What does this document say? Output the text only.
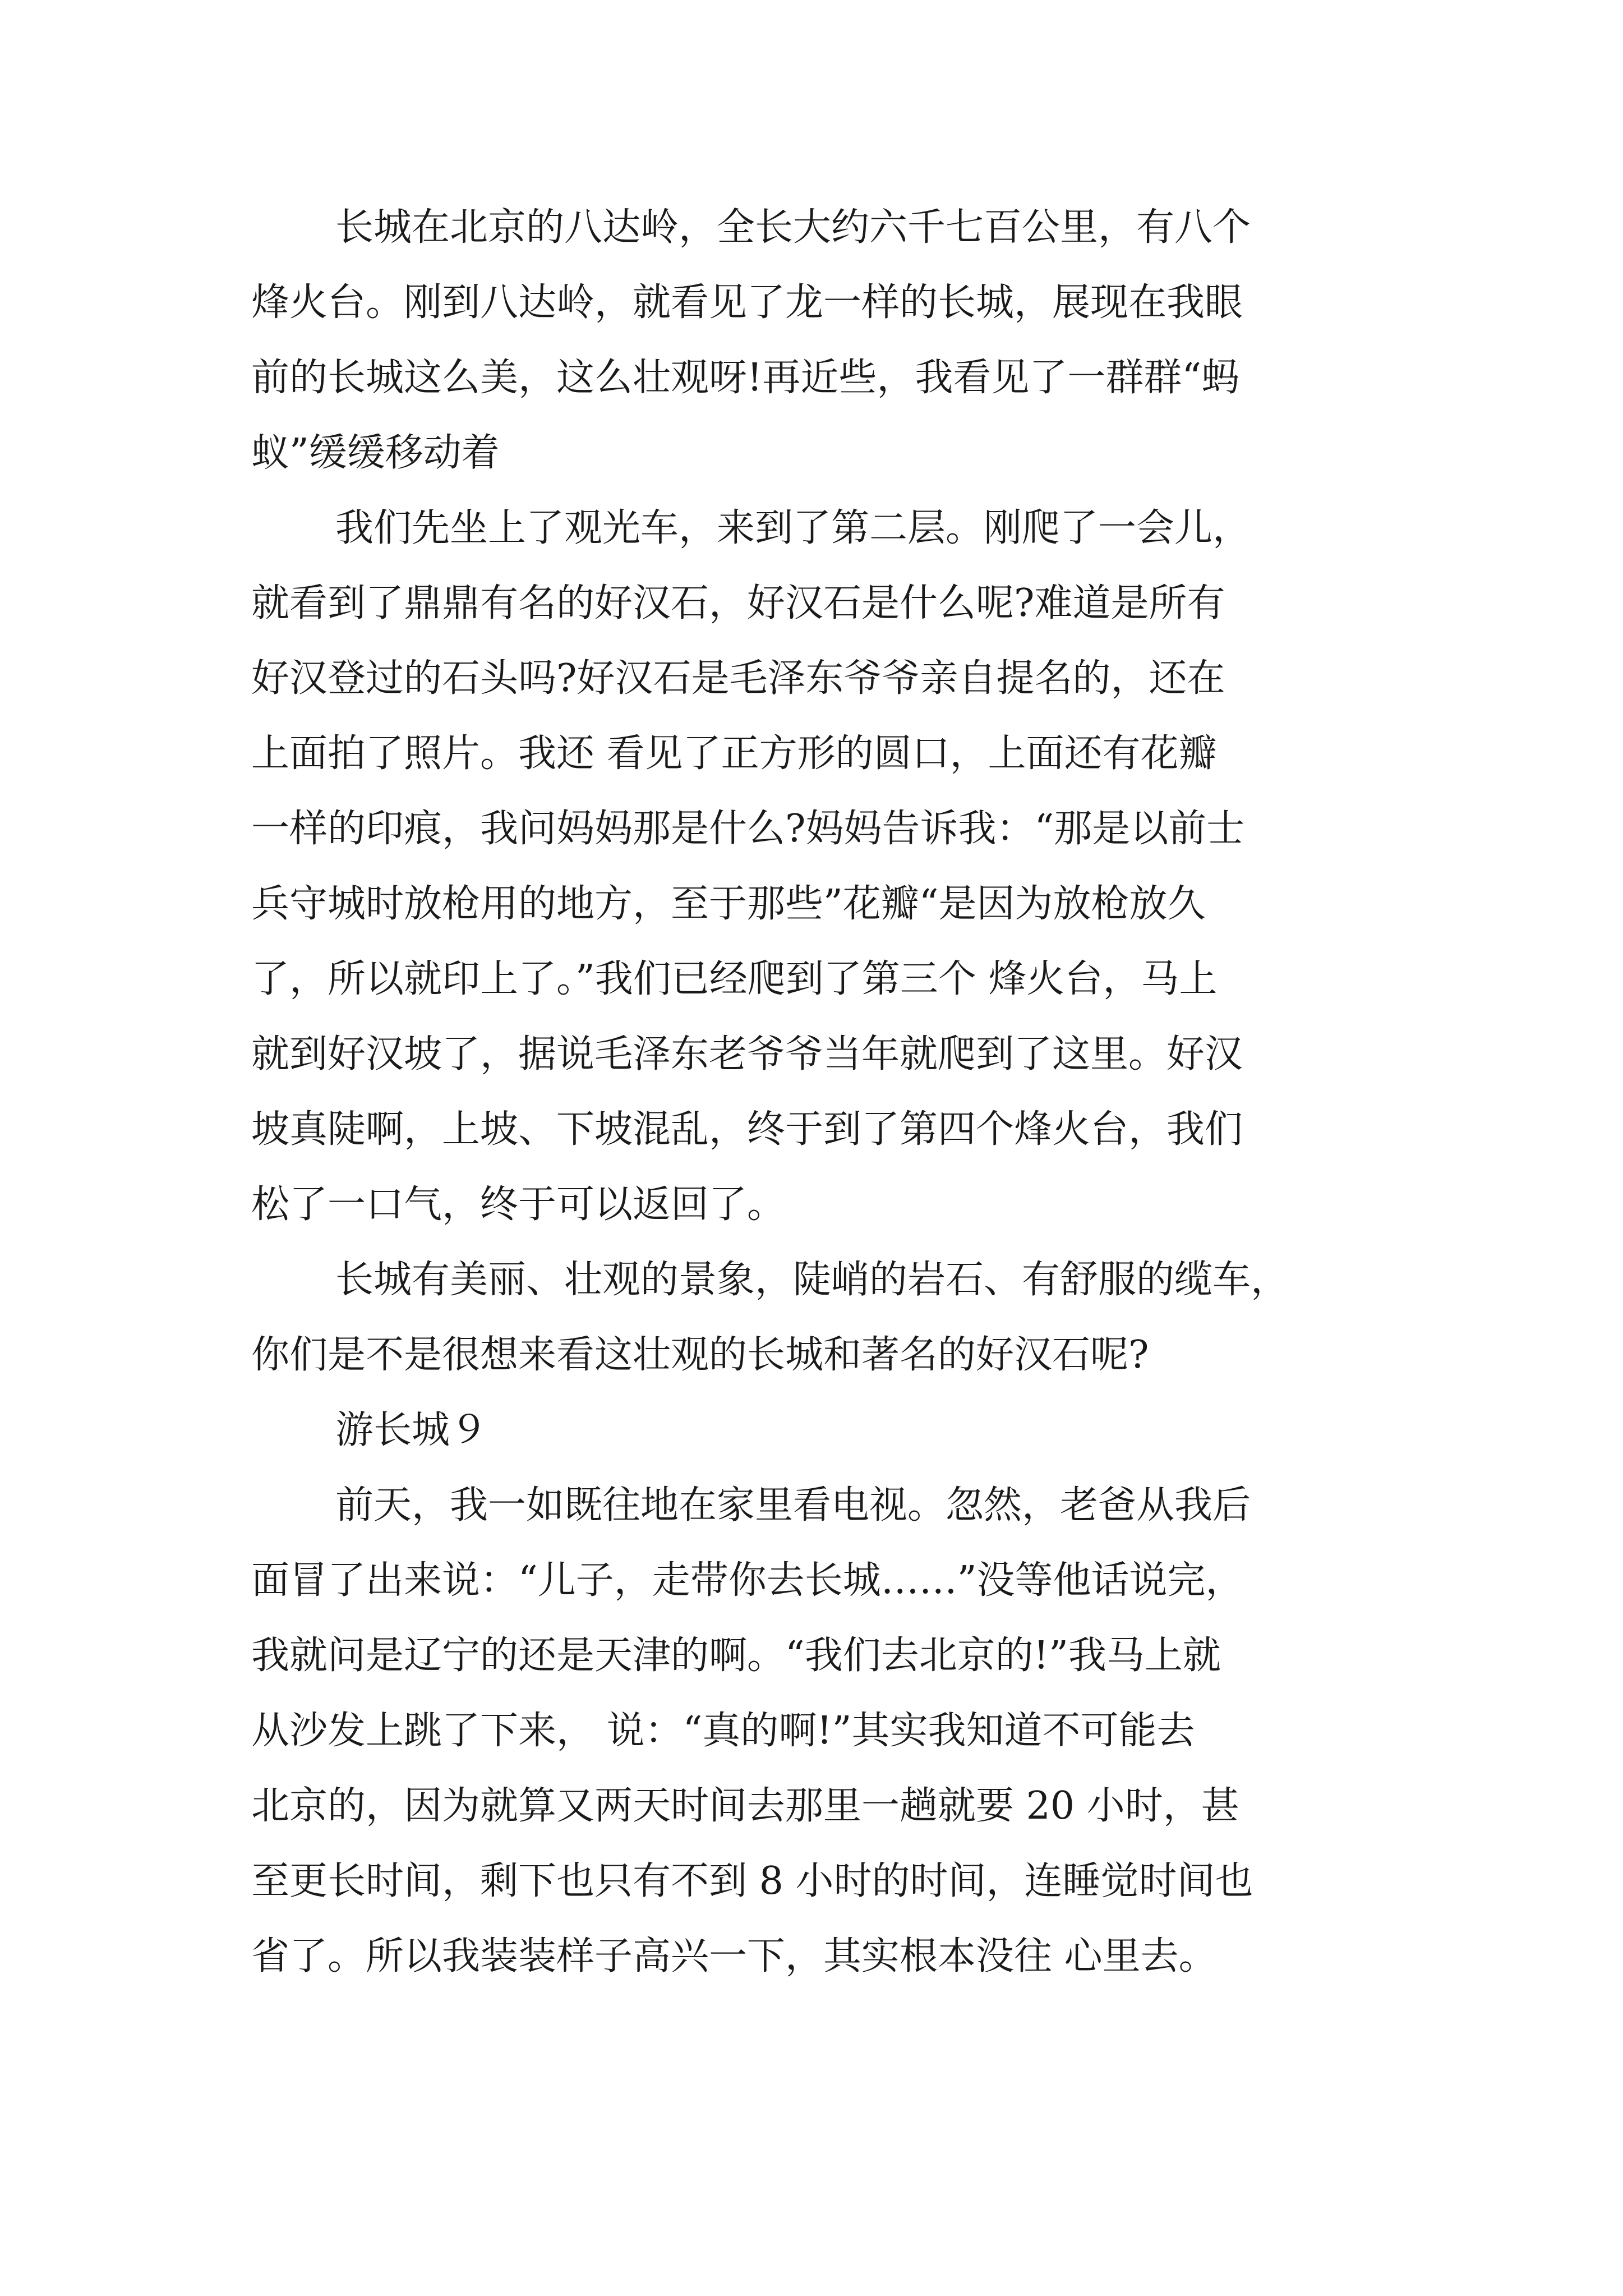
长城在北京的八达岭，全长大约六千七百公里，有八个
烽火台。刚到八达岭，就看见了龙一样的长城，展现在我眼
前的长城这么美，这么壮观呀!再近些，我看见了一群群“蚂
蚁”缓缓移动着
我们先坐上了观光车，来到了第二层。刚爬了一会儿，
就看到了鼎鼎有名的好汉石，好汉石是什么呢?难道是所有
好汉登过的石头吗?好汉石是毛泽东爷爷亲自提名的，还在
上面拍了照片。我还 看见了正方形的圆口，上面还有花瓣
一样的印痕，我问妈妈那是什么?妈妈告诉我：“那是以前士
兵守城时放枪用的地方，至于那些”花瓣“是因为放枪放久
了，所以就印上了。”我们已经爬到了第三个 烽火台，马上
就到好汉坡了，据说毛泽东老爷爷当年就爬到了这里。好汉
坡真陡啊，上坡、下坡混乱，终于到了第四个烽火台，我们
松了一口气，终于可以返回了。
长城有美丽、壮观的景象，陡峭的岩石、有舒服的缆车，
你们是不是很想来看这壮观的长城和著名的好汉石呢?
游长城９
前天，我一如既往地在家里看电视。忽然，老爸从我后
面冒了出来说：“儿子，走带你去长城……”没等他话说完，
我就问是辽宁的还是天津的啊。“我们去北京的!”我马上就
从沙发上跳了下来， 说：“真的啊!”其实我知道不可能去
北京的，因为就算又两天时间去那里一趟就要 20 小时，甚
至更长时间，剩下也只有不到 8 小时的时间，连睡觉时间也
省了。所以我装装样子高兴一下，其实根本没往 心里去。
